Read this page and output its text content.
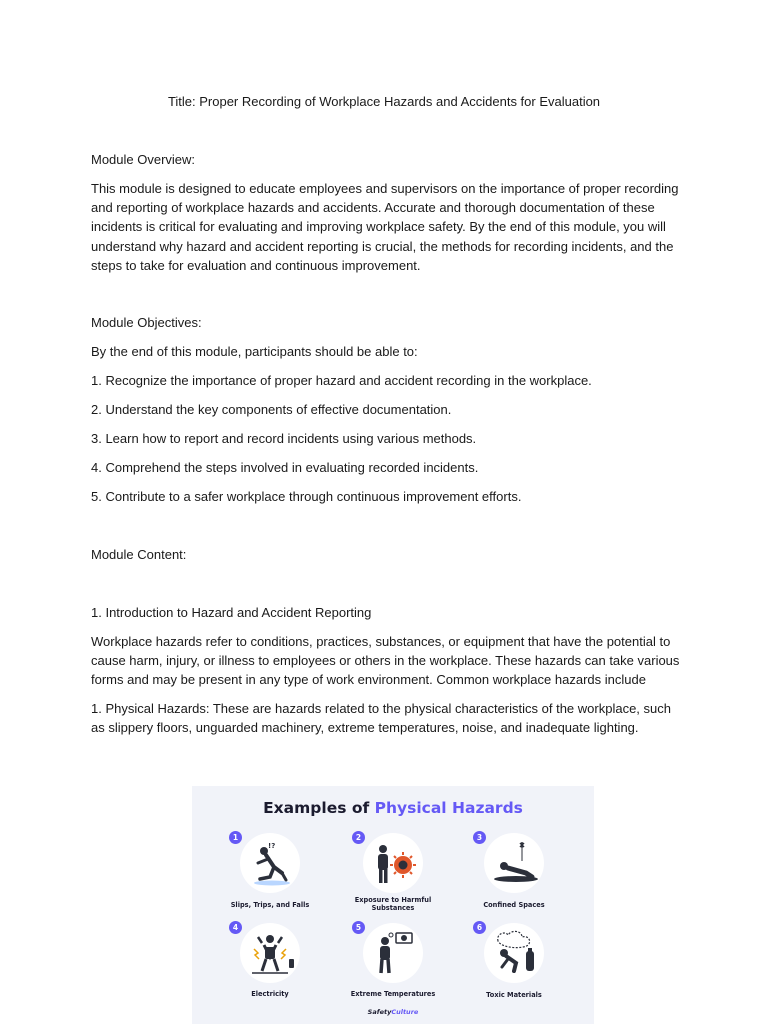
Title: Proper Recording of Workplace Hazards and Accidents for Evaluation

Module Overview:

This module is designed to educate employees and supervisors on the importance of proper recording and reporting of workplace hazards and accidents. Accurate and thorough documentation of these incidents is critical for evaluating and improving workplace safety. By the end of this module, you will understand why hazard and accident reporting is crucial, the methods for recording incidents, and the steps to take for evaluation and continuous improvement.

Module Objectives:

By the end of this module, participants should be able to:

1. Recognize the importance of proper hazard and accident recording in the workplace.

2. Understand the key components of effective documentation.

3. Learn how to report and record incidents using various methods.

4. Comprehend the steps involved in evaluating recorded incidents.

5. Contribute to a safer workplace through continuous improvement efforts.

Module Content:

1. Introduction to Hazard and Accident Reporting

Workplace hazards refer to conditions, practices, substances, or equipment that have the potential to cause harm, injury, or illness to employees or others in the workplace. These hazards can take various forms and may be present in any type of work environment. Common workplace hazards include

1. Physical Hazards: These are hazards related to the physical characteristics of the workplace, such as slippery floors, unguarded machinery, extreme temperatures, noise, and inadequate lighting.

Examples of Physical Hazards

1
!?
Slips, Trips, and Falls
2
Exposure to Harmful Substances
3
Confined Spaces
4
Electricity
5
Extreme Temperatures
6
Toxic Materials
SafetyCulture
